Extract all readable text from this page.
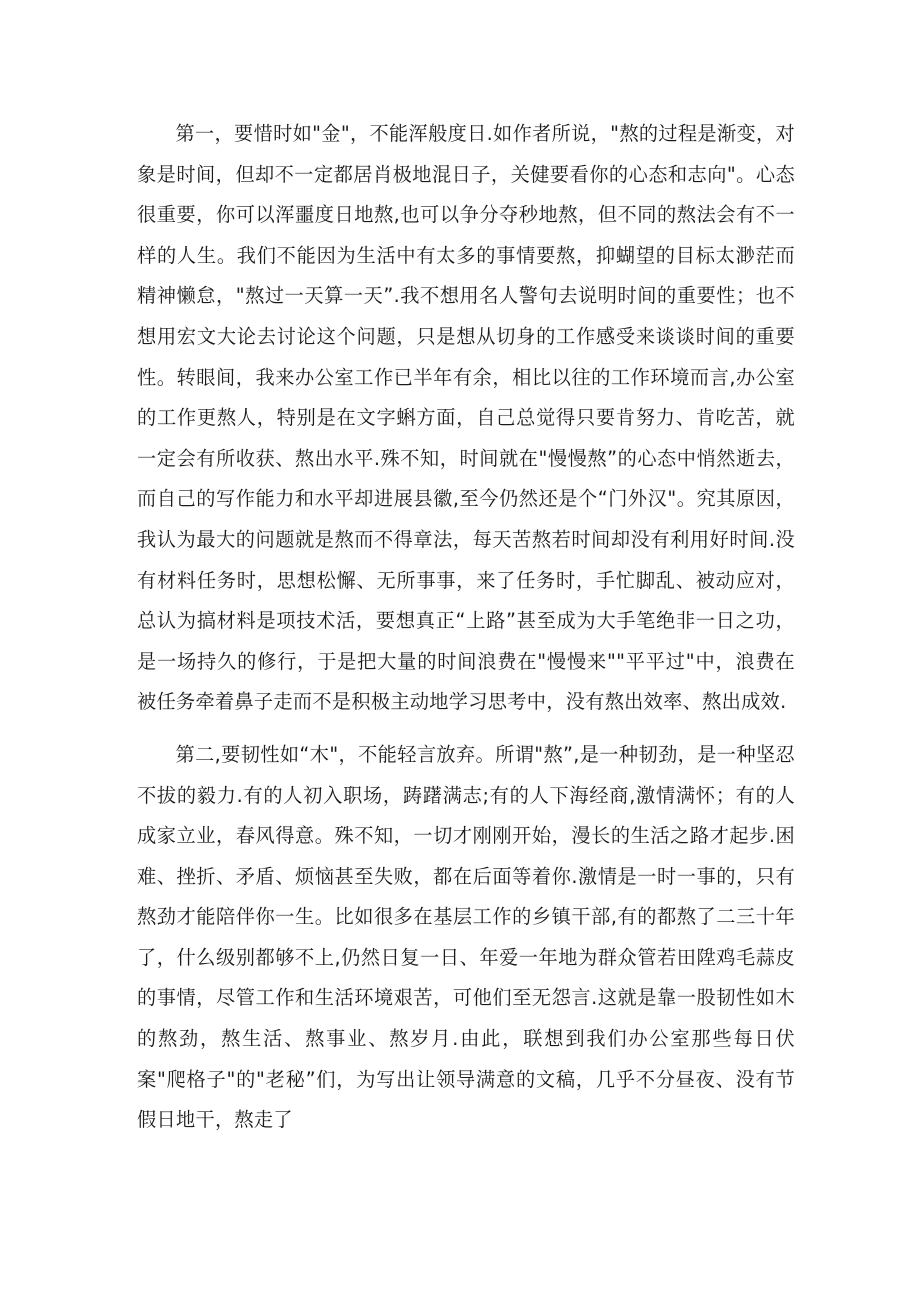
第一，要惜时如"金"，不能浑般度日.如作者所说，"熬的过程是渐变，对象是时间，但却不一定都居肖极地混日子，关健要看你的心态和志向"。心态很重要，你可以浑噩度日地熬,也可以争分夺秒地熬，但不同的熬法会有不一样的人生。我们不能因为生活中有太多的事情要熬，抑蝴望的目标太渺茫而精神懒怠，"熬过一天算一天”.我不想用名人警句去说明时间的重要性；也不想用宏文大论去讨论这个问题，只是想从切身的工作感受来谈谈时间的重要性。转眼间，我来办公室工作已半年有余，相比以往的工作环境而言,办公室的工作更熬人，特别是在文字蝌方面，自己总觉得只要肯努力、肯吃苦，就一定会有所收获、熬出水平.殊不知，时间就在"慢慢熬”的心态中悄然逝去，而自己的写作能力和水平却进展县徽,至今仍然还是个“门外汉"。究其原因，我认为最大的问题就是熬而不得章法，每天苦熬若时间却没有利用好时间.没有材料任务时，思想松懈、无所事事，来了任务时，手忙脚乱、被动应对，总认为搞材料是项技术活，要想真正“上路”甚至成为大手笔绝非一日之功，是一场持久的修行，于是把大量的时间浪费在"慢慢来""平平过"中，浪费在被任务牵着鼻子走而不是积极主动地学习思考中，没有熬出效率、熬出成效.

第二,要韧性如“木"，不能轻言放弃。所谓"熬”,是一种韧劲，是一种坚忍不拔的毅力.有的人初入职场，踌躇满志;有的人下海经商,激情满怀；有的人成家立业，春风得意。殊不知，一切才刚刚开始，漫长的生活之路才起步.困难、挫折、矛盾、烦恼甚至失败，都在后面等着你.激情是一时一事的，只有熬劲才能陪伴你一生。比如很多在基层工作的乡镇干部,有的都熬了二三十年了，什么级别都够不上,仍然日复一日、年爱一年地为群众管若田陞鸡毛蒜皮的事情，尽管工作和生活环境艰苦，可他们至无怨言.这就是靠一股韧性如木的熬劲，熬生活、熬事业、熬岁月.由此，联想到我们办公室那些每日伏案"爬格子"的"老秘”们，为写出让领导满意的文稿，几乎不分昼夜、没有节假日地干，熬走了
